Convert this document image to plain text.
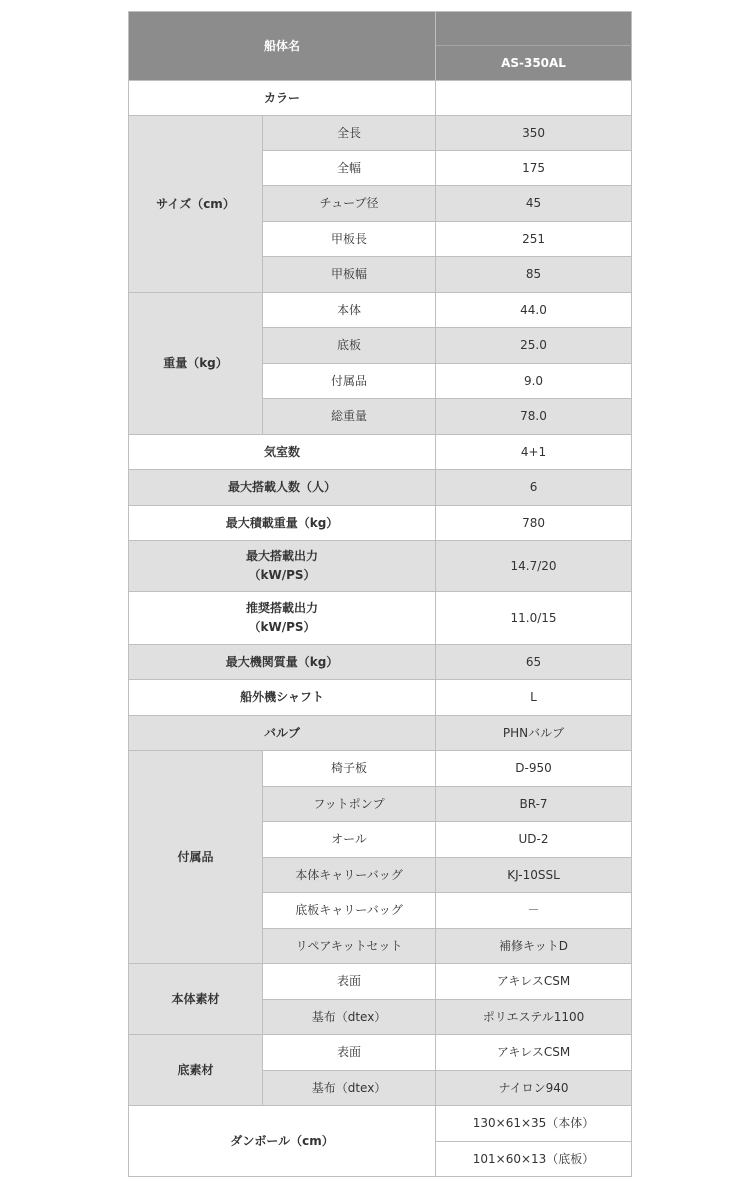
船体名		
		AS-350AL
カラー		
サイズ（cm）	全長	350
	全幅	175
	チューブ径	45
	甲板長	251
	甲板幅	85
重量（kg）	本体	44.0
	底板	25.0
	付属品	9.0
	総重量	78.0
気室数		4+1
最大搭載人数（人）		6
最大積載重量（kg）		780

最大搭載出力
（kW/PS）		14.7/20

推奨搭載出力
（kW/PS）		11.0/15
最大機関質量（kg）		65
船外機シャフト		L
バルブ		PHNバルブ
付属品	椅子板	D-950
	フットポンプ	BR-7
	オール	UD-2
	本体キャリーバッグ	KJ-10SSL
	底板キャリーバッグ	－
	リペアキットセット	補修キットD
本体素材	表面	アキレスCSM
	基布（dtex）	ポリエステル1100
底素材	表面	アキレスCSM
	基布（dtex）	ナイロン940
ダンボール（cm）		130×61×35（本体）
		101×60×13（底板）
